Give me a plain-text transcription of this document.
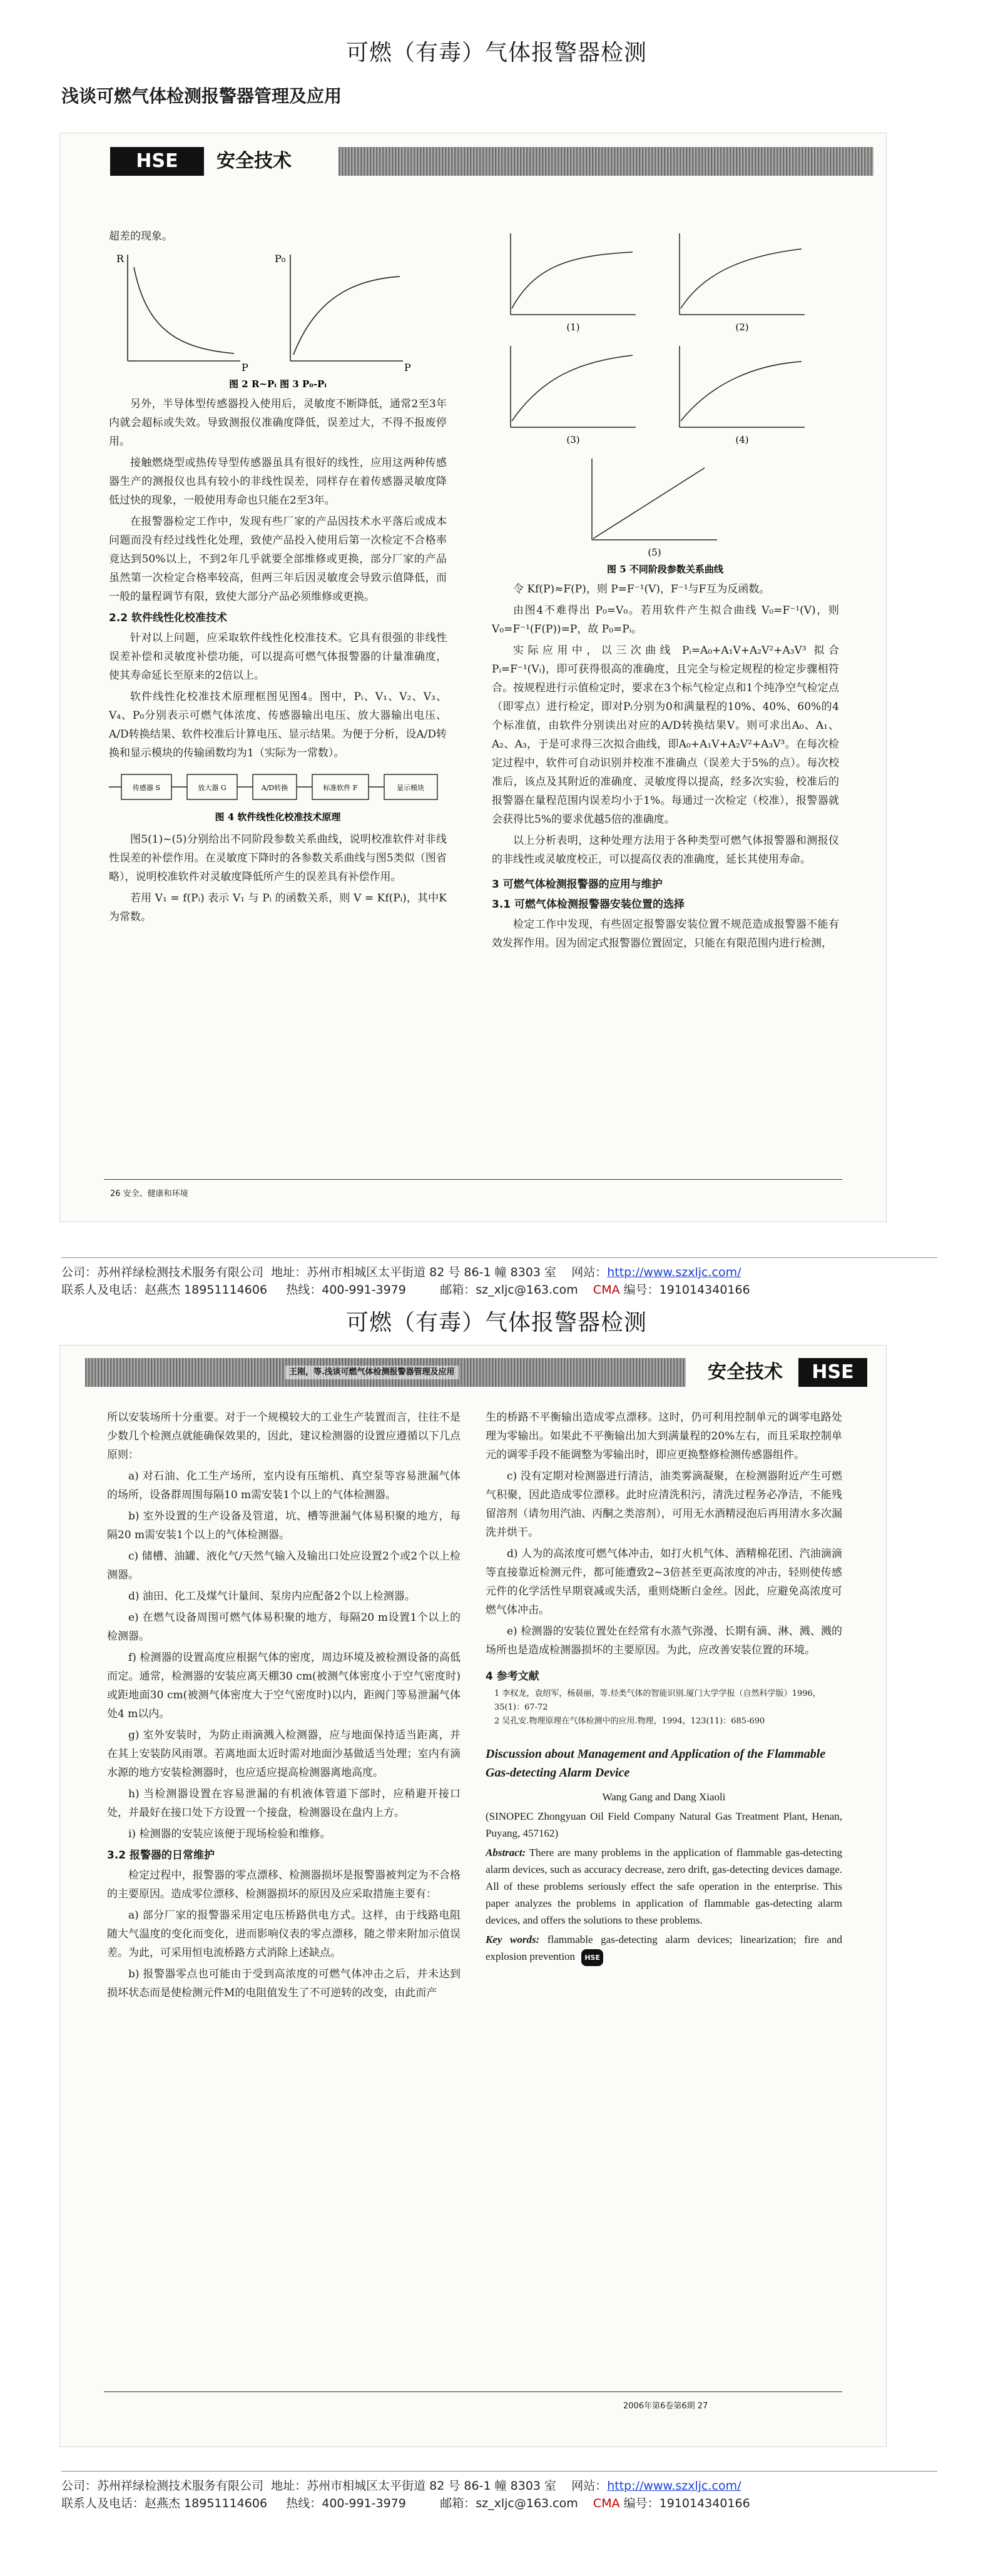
可燃（有毒）气体报警器检测
浅谈可燃气体检测报警器管理及应用
HSE	安全技术

超差的现象。

R
P
P₀
P
图 2 R~Pᵢ 图 3 P₀-Pᵢ

另外，半导体型传感器投入使用后，灵敏度不断降低，通常2至3年内就会超标或失效。导致测报仪准确度降低，误差过大，不得不报废停用。

接触燃烧型或热传导型传感器虽具有很好的线性，应用这两种传感器生产的测报仪也具有较小的非线性误差，同样存在着传感器灵敏度降低过快的现象，一般使用寿命也只能在2至3年。

在报警器检定工作中，发现有些厂家的产品因技术水平落后或成本问题而没有经过线性化处理，致使产品投入使用后第一次检定不合格率竟达到50%以上，不到2年几乎就要全部维修或更换，部分厂家的产品虽然第一次检定合格率较高，但两三年后因灵敏度会导致示值降低，而一般的量程调节有限，致使大部分产品必须维修或更换。

2.2 软件线性化校准技术

针对以上问题，应采取软件线性化校准技术。它具有很强的非线性误差补偿和灵敏度补偿功能，可以提高可燃气体报警器的计量准确度，使其寿命延长至原来的2倍以上。

软件线性化校准技术原理框图见图4。图中，Pᵢ、V₁、V₂、V₃、V₄、P₀分别表示可燃气体浓度、传感器输出电压、放大器输出电压、A/D转换结果、软件校准后计算电压、显示结果。为便于分析，设A/D转换和显示模块的传输函数均为1（实际为一常数）。

传感器 S	放大器 G	A/D转换	标准软件 F	显示模块
图 4 软件线性化校准技术原理

图5(1)~(5)分别给出不同阶段参数关系曲线，说明校准软件对非线性误差的补偿作用。在灵敏度下降时的各参数关系曲线与图5类似（图省略），说明校准软件对灵敏度降低所产生的误差具有补偿作用。

若用 V₁ = f(Pᵢ) 表示 V₁ 与 Pᵢ 的函数关系，则 V = Kf(Pᵢ)，其中K为常数。

(1)	(2)
(3)	(4)
(5)
图 5 不同阶段参数关系曲线

令 Kf(P)≈F(P)，则 P=F⁻¹(V)，F⁻¹与F互为反函数。

由图4不难得出 P₀=V₀。若用软件产生拟合曲线 V₀=F⁻¹(V)，则 V₀=F⁻¹(F(P))=P，故 P₀=Pᵢ。

实际应用中，以三次曲线 Pᵢ=A₀+A₁V+A₂V²+A₃V³ 拟合 Pᵢ=F⁻¹(Vᵢ)，即可获得很高的准确度，且完全与检定规程的检定步骤相符合。按规程进行示值检定时，要求在3个标气检定点和1个纯净空气检定点（即零点）进行检定，即对Pᵢ分别为0和满量程的10%、40%、60%的4个标准值，由软件分别读出对应的A/D转换结果V。则可求出A₀、A₁、A₂、A₃，于是可求得三次拟合曲线，即A₀+A₁V+A₂V²+A₃V³。在每次检定过程中，软件可自动识别并校准不准确点（误差大于5%的点）。每次校准后，该点及其附近的准确度、灵敏度得以提高，经多次实验，校准后的报警器在量程范围内误差均小于1%。每通过一次检定（校准），报警器就会获得比5%的要求优越5倍的准确度。

以上分析表明，这种处理方法用于各种类型可燃气体报警器和测报仪的非线性或灵敏度校正，可以提高仪表的准确度，延长其使用寿命。

3 可燃气体检测报警器的应用与维护
3.1 可燃气体检测报警器安装位置的选择

检定工作中发现，有些固定报警器安装位置不规范造成报警器不能有效发挥作用。因为固定式报警器位置固定，只能在有限范围内进行检测，

26 安全、健康和环境
公司：苏州祥绿检测技术服务有限公司 地址：苏州市相城区太平街道 82 号 86-1 幢 8303 室 网站：http://www.szxljc.com/
联系人及电话：赵燕杰 18951114606 热线：400-991-3979	邮箱：sz_xljc@163.com CMA 编号：191014340166
可燃（有毒）气体报警器检测
王刚，等.浅谈可燃气体检测报警器管理及应用	安全技术	HSE

所以安装场所十分重要。对于一个规模较大的工业生产装置而言，往往不是少数几个检测点就能确保效果的，因此，建议检测器的设置应遵循以下几点原则：

a) 对石油、化工生产场所，室内设有压缩机、真空泵等容易泄漏气体的场所，设备群周围每隔10 m需安装1个以上的气体检测器。

b) 室外设置的生产设备及管道，坑、槽等泄漏气体易积聚的地方，每隔20 m需安装1个以上的气体检测器。

c) 储槽、油罐、液化气/天然气输入及输出口处应设置2个或2个以上检测器。

d) 油田、化工及煤气计量间、泵房内应配备2个以上检测器。

e) 在燃气设备周围可燃气体易积聚的地方，每隔20 m设置1个以上的检测器。

f) 检测器的设置高度应根据气体的密度，周边环境及被检测设备的高低而定。通常，检测器的安装应离天棚30 cm(被测气体密度小于空气密度时)或距地面30 cm(被测气体密度大于空气密度时)以内，距阀门等易泄漏气体处4 m以内。

g) 室外安装时，为防止雨滴溅入检测器，应与地面保持适当距离，并在其上安装防风雨罩。若离地面太近时需对地面沙基做适当处理；室内有滴水源的地方安装检测器时，也应适应提高检测器离地高度。

h) 当检测器设置在容易泄漏的有机液体管道下部时，应稍避开接口处，并最好在接口处下方设置一个接盘，检测器设在盘内上方。

i) 检测器的安装应该便于现场检验和维修。

3.2 报警器的日常维护

检定过程中，报警器的零点漂移、检测器损坏是报警器被判定为不合格的主要原因。造成零位漂移、检测器损坏的原因及应采取措施主要有：

a) 部分厂家的报警器采用定电压桥路供电方式。这样，由于线路电阻随大气温度的变化而变化，进而影响仪表的零点漂移，随之带来附加示值误差。为此，可采用恒电流桥路方式消除上述缺点。

b) 报警器零点也可能由于受到高浓度的可燃气体冲击之后，并未达到损坏状态而是使检测元件M的电阻值发生了不可逆转的改变，由此而产

生的桥路不平衡输出造成零点漂移。这时，仍可利用控制单元的调零电路处理为零输出。如果此不平衡输出加大到满量程的20%左右，而且采取控制单元的调零手段不能调整为零输出时，即应更换整修检测传感器组件。

c) 没有定期对检测器进行清洁，油类雾滴凝聚，在检测器附近产生可燃气积聚，因此造成零位漂移。此时应清洗积污，清洗过程务必净洁，不能残留溶剂（请勿用汽油、丙酮之类溶剂），可用无水酒精浸泡后再用清水多次漏洗并烘干。

d) 人为的高浓度可燃气体冲击，如打火机气体、酒精棉花团、汽油滴滴等直接靠近检测元件，都可能遭致2~3倍甚至更高浓度的冲击，轻则使传感元件的化学活性早期衰减或失活，重则烧断白金丝。因此，应避免高浓度可燃气体冲击。

e) 检测器的安装位置处在经常有水蒸气弥漫、长期有滴、淋、溅、溅的场所也是造成检测器损坏的主要原因。为此，应改善安装位置的环境。

4 参考文献
1 李权龙，袁绍军，杨晨丽，等.烃类气体的智能识别.厦门大学学报（自然科学版）1996，35(1)：67-72
2 吴孔安.物理原理在气体检测中的应用.物理，1994，123(11)：685-690
Discussion about Management and Application of the Flammable Gas-detecting Alarm Device
Wang Gang and Dang Xiaoli
(SINOPEC Zhongyuan Oil Field Company Natural Gas Treatment Plant, Henan, Puyang, 457162)
Abstract: There are many problems in the application of flammable gas-detecting alarm devices, such as accuracy decrease, zero drift, gas-detecting devices damage. All of these problems seriously effect the safe operation in the enterprise. This paper analyzes the problems in application of flammable gas-detecting alarm devices, and offers the solutions to these problems.
Key words: flammable gas-detecting alarm devices; linearization; fire and explosion prevention HSE
2006年第6卷第6期 27
公司：苏州祥绿检测技术服务有限公司 地址：苏州市相城区太平街道 82 号 86-1 幢 8303 室 网站：http://www.szxljc.com/
联系人及电话：赵燕杰 18951114606 热线：400-991-3979	邮箱：sz_xljc@163.com CMA 编号：191014340166
